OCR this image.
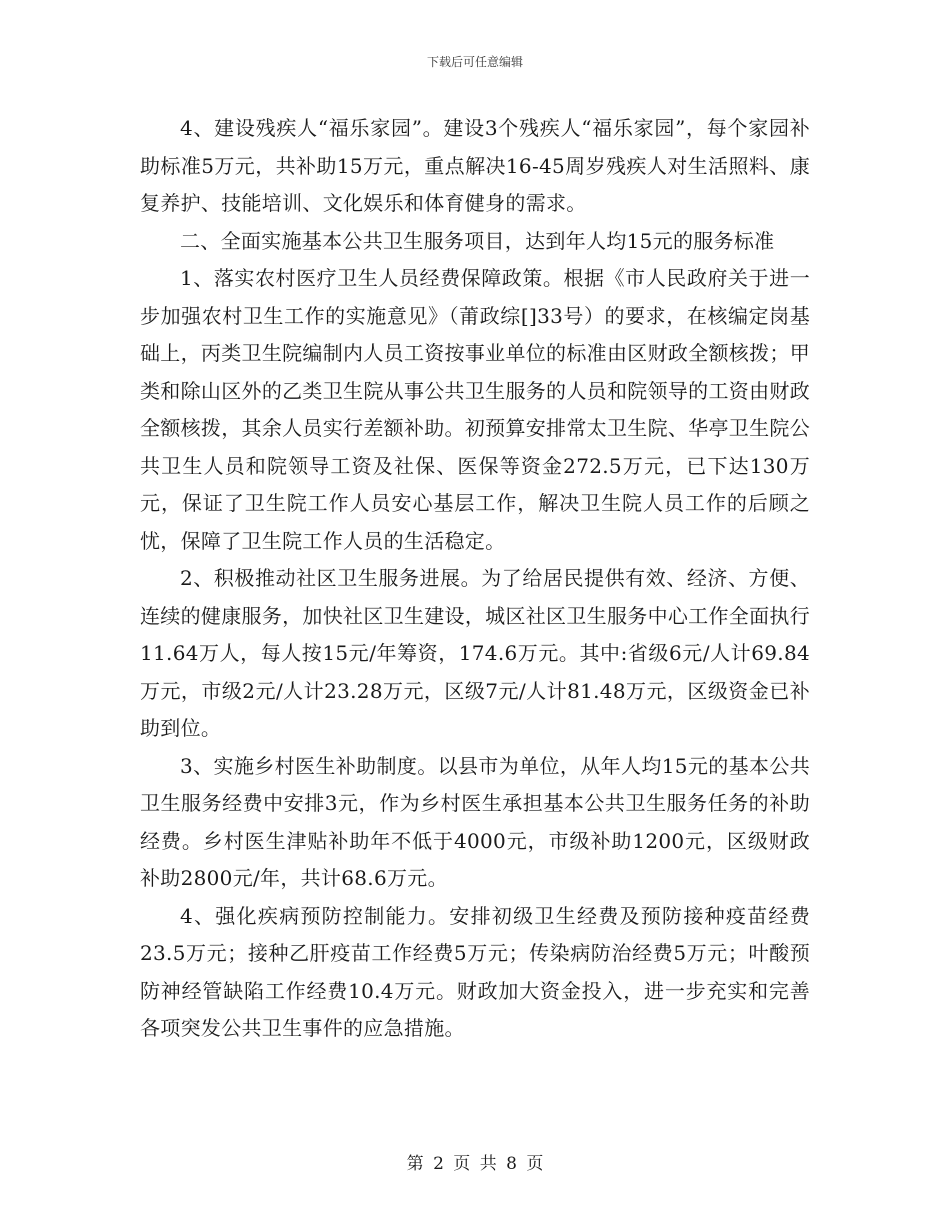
下载后可任意编辑

4、建设残疾人“福乐家园”。建设3个残疾人“福乐家园”，每个家园补助标准5万元，共补助15万元，重点解决16-45周岁残疾人对生活照料、康复养护、技能培训、文化娱乐和体育健身的需求。

二、全面实施基本公共卫生服务项目，达到年人均15元的服务标准

1、落实农村医疗卫生人员经费保障政策。根据《市人民政府关于进一步加强农村卫生工作的实施意见》（莆政综[]33号）的要求，在核编定岗基础上，丙类卫生院编制内人员工资按事业单位的标准由区财政全额核拨；甲类和除山区外的乙类卫生院从事公共卫生服务的人员和院领导的工资由财政全额核拨，其余人员实行差额补助。初预算安排常太卫生院、华亭卫生院公共卫生人员和院领导工资及社保、医保等资金272.5万元，已下达130万元，保证了卫生院工作人员安心基层工作，解决卫生院人员工作的后顾之忧，保障了卫生院工作人员的生活稳定。

2、积极推动社区卫生服务进展。为了给居民提供有效、经济、方便、连续的健康服务，加快社区卫生建设，城区社区卫生服务中心工作全面执行11.64万人，每人按15元/年筹资，174.6万元。其中:省级6元/人计69.84万元，市级2元/人计23.28万元，区级7元/人计81.48万元，区级资金已补助到位。

3、实施乡村医生补助制度。以县市为单位，从年人均15元的基本公共卫生服务经费中安排3元，作为乡村医生承担基本公共卫生服务任务的补助经费。乡村医生津贴补助年不低于4000元，市级补助1200元，区级财政补助2800元/年，共计68.6万元。

4、强化疾病预防控制能力。安排初级卫生经费及预防接种疫苗经费23.5万元；接种乙肝疫苗工作经费5万元；传染病防治经费5万元；叶酸预防神经管缺陷工作经费10.4万元。财政加大资金投入，进一步充实和完善各项突发公共卫生事件的应急措施。

第 2 页 共 8 页
